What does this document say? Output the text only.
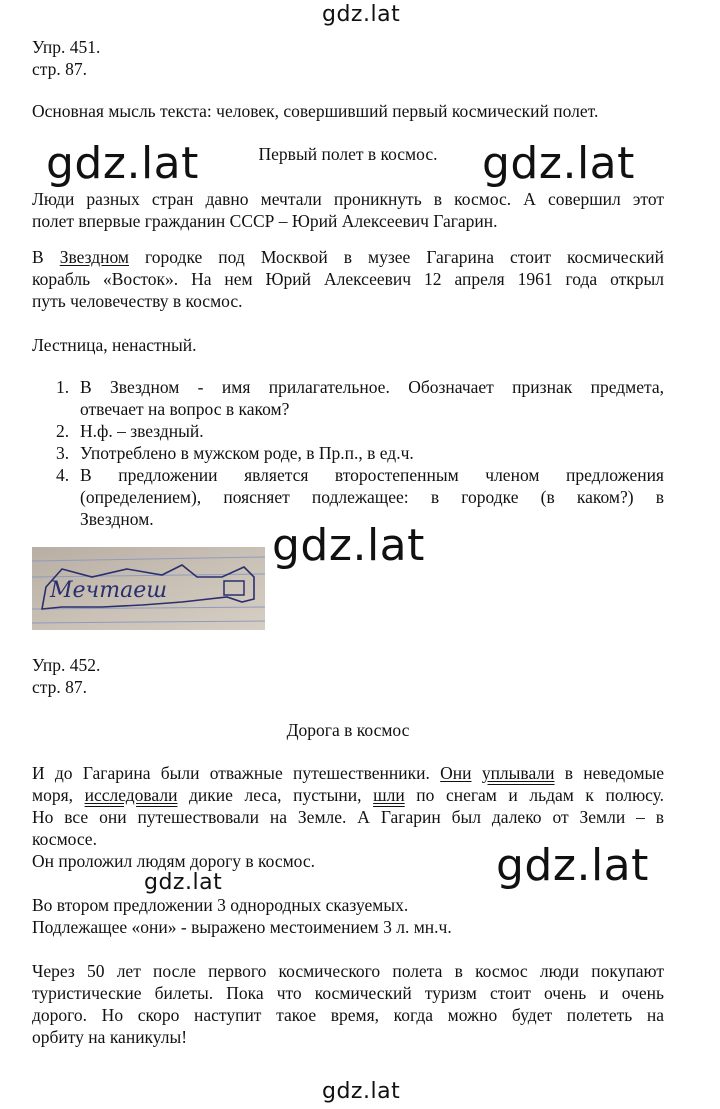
gdz.lat
gdz.lat	gdz.lat
gdz.lat
gdz.lat
gdz.lat
gdz.lat
Упр. 451.
стр. 87.
Основная мысль текста: человек, совершивший первый космический полет.
Первый полет в космос.
Люди разных стран давно мечтали проникнуть в космос. А совершил этот
полет впервые гражданин СССР – Юрий Алексеевич Гагарин.
В Звездном городке под Москвой в музее Гагарина стоит космический
корабль «Восток». На нем Юрий Алексеевич 12 апреля 1961 года открыл
путь человечеству в космос.
Лестница, ненастный.
1. В Звездном - имя прилагательное. Обозначает признак предмета,
отвечает на вопрос в каком?
2. Н.ф. – звездный.
3. Употреблено в мужском роде, в Пр.п., в ед.ч.
4. В предложении является второстепенным членом предложения
(определением), поясняет подлежащее: в городке (в каком?) в
Звездном.
Мечтаеш
Упр. 452.
стр. 87.
Дорога в космос
И до Гагарина были отважные путешественники. Они уплывали в неведомые
моря, исследовали дикие леса, пустыни, шли по снегам и льдам к полюсу.
Но все они путешествовали на Земле. А Гагарин был далеко от Земли – в
космосе.
Он проложил людям дорогу в космос.
Во втором предложении 3 однородных сказуемых.
Подлежащее «они» - выражено местоимением 3 л. мн.ч.
Через 50 лет после первого космического полета в космос люди покупают
туристические билеты. Пока что космический туризм стоит очень и очень
дорого. Но скоро наступит такое время, когда можно будет полететь на
орбиту на каникулы!
